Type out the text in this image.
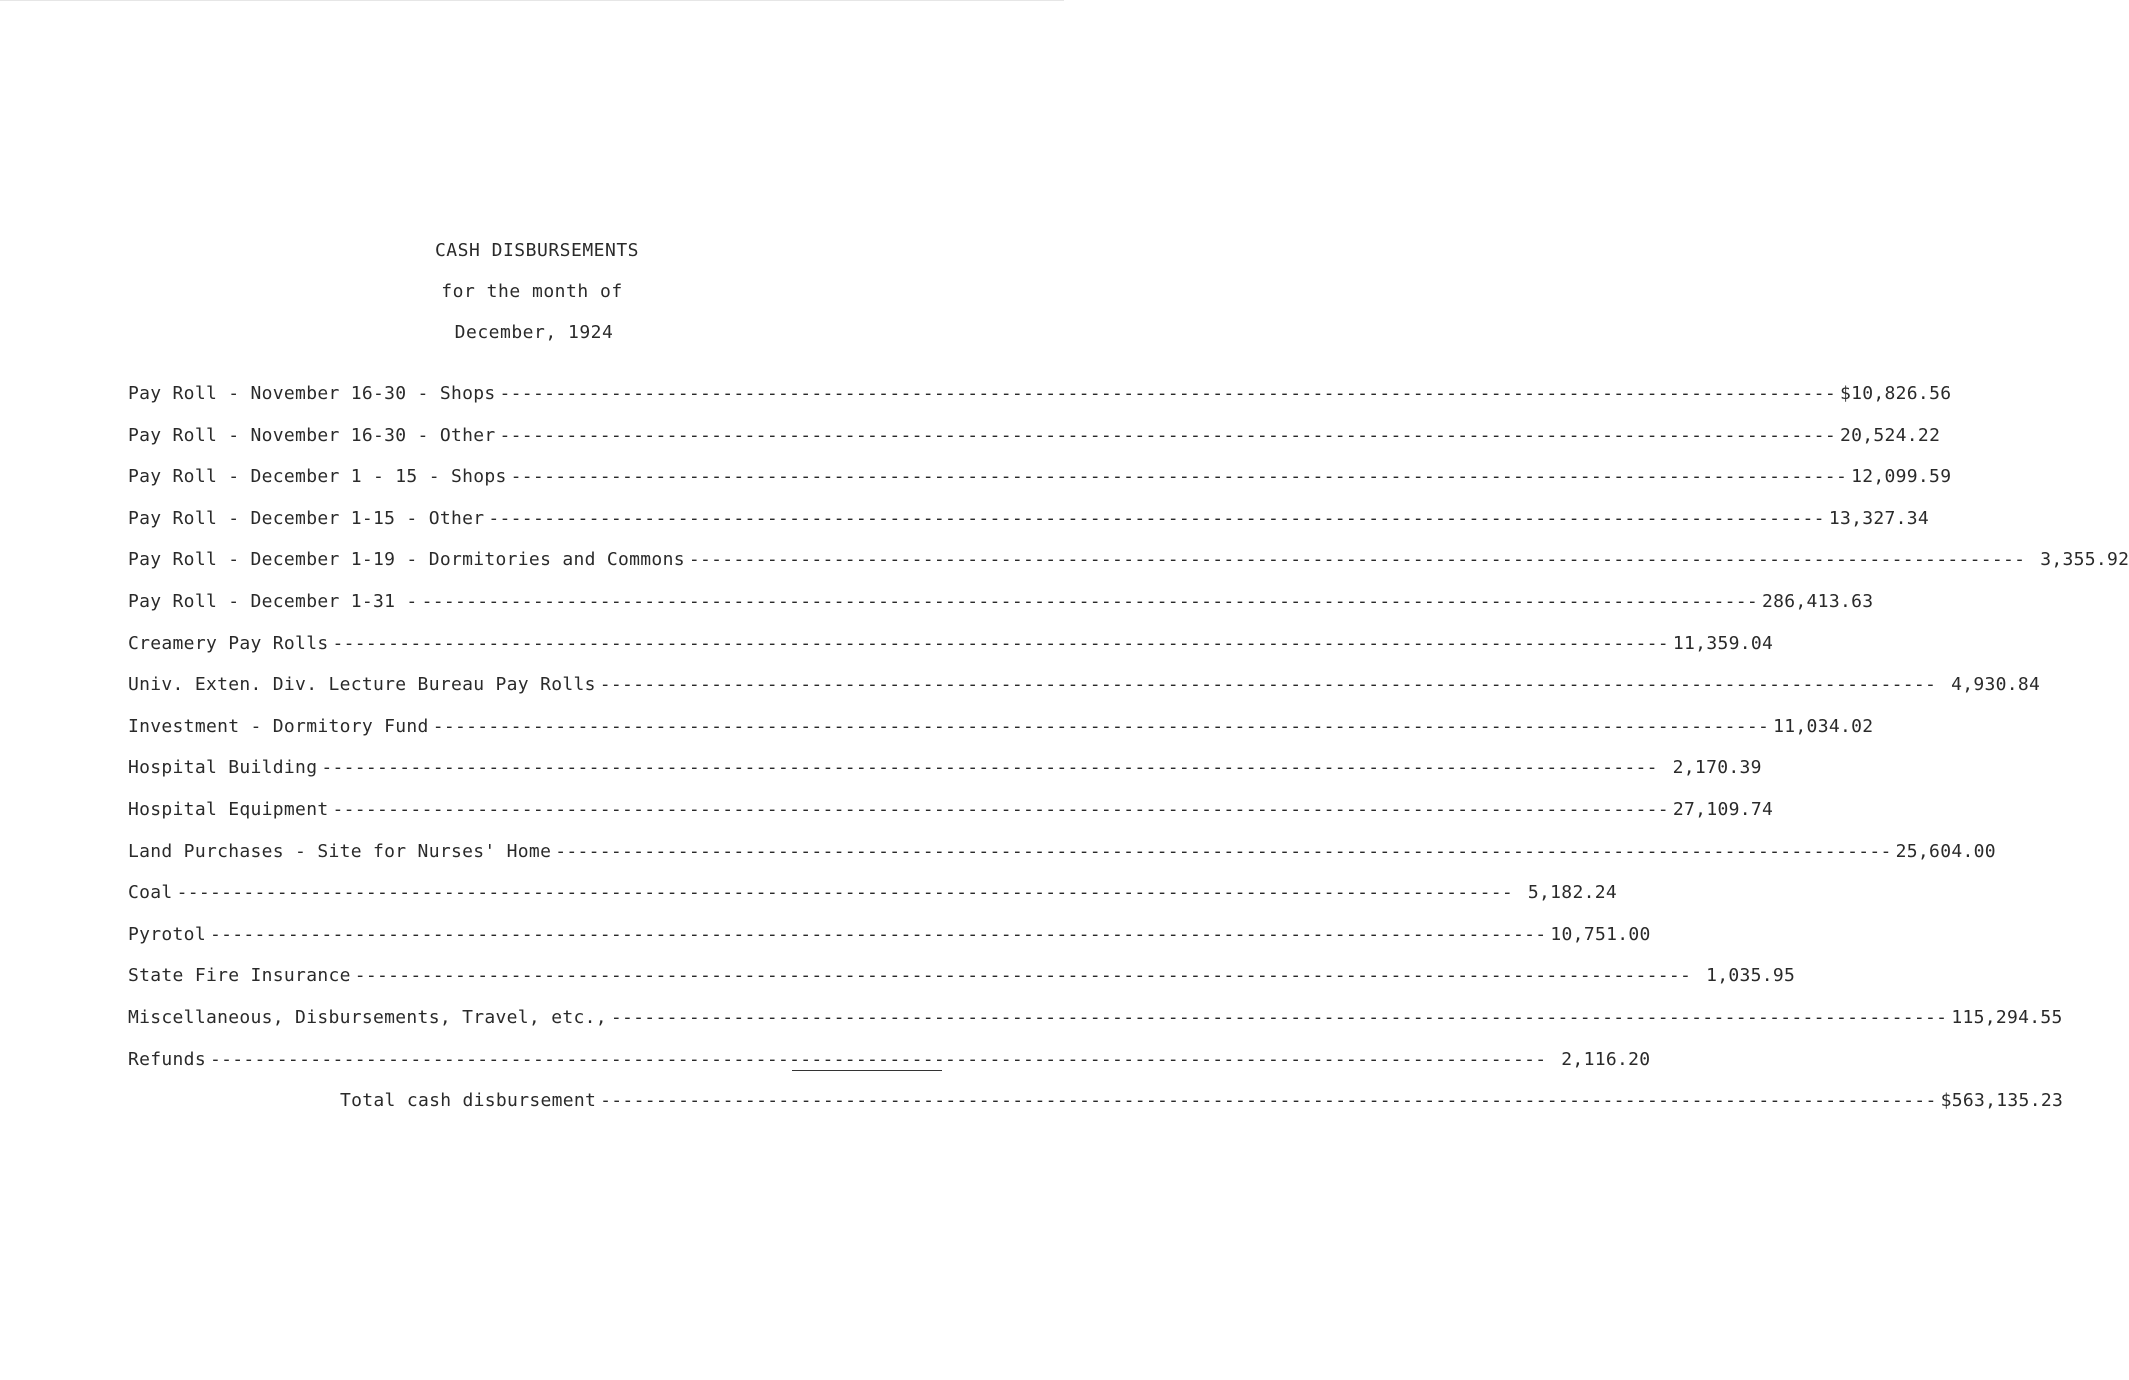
CASH DISBURSEMENTS
for the month of
December, 1924
Pay Roll - November 16-30 - Shops ------------------------------------------------------------------------------------------------------------------------ $10,826.56
Pay Roll - November 16-30 - Other ------------------------------------------------------------------------------------------------------------------------ 20,524.22
Pay Roll - December 1 - 15 - Shops ------------------------------------------------------------------------------------------------------------------------ 12,099.59
Pay Roll - December 1-15 - Other ------------------------------------------------------------------------------------------------------------------------ 13,327.34
Pay Roll - December 1-19 - Dormitories and Commons ------------------------------------------------------------------------------------------------------------------------ 3,355.92
Pay Roll - December 1-31 - ------------------------------------------------------------------------------------------------------------------------ 286,413.63
Creamery Pay Rolls ------------------------------------------------------------------------------------------------------------------------ 11,359.04
Univ. Exten. Div. Lecture Bureau Pay Rolls ------------------------------------------------------------------------------------------------------------------------ 4,930.84
Investment - Dormitory Fund ------------------------------------------------------------------------------------------------------------------------ 11,034.02
Hospital Building ------------------------------------------------------------------------------------------------------------------------ 2,170.39
Hospital Equipment ------------------------------------------------------------------------------------------------------------------------ 27,109.74
Land Purchases - Site for Nurses' Home ------------------------------------------------------------------------------------------------------------------------ 25,604.00
Coal ------------------------------------------------------------------------------------------------------------------------ 5,182.24
Pyrotol ------------------------------------------------------------------------------------------------------------------------ 10,751.00
State Fire Insurance ------------------------------------------------------------------------------------------------------------------------ 1,035.95
Miscellaneous, Disbursements, Travel, etc., ------------------------------------------------------------------------------------------------------------------------ 115,294.55
Refunds ------------------------------------------------------------------------------------------------------------------------ 2,116.20
Total cash disbursement ------------------------------------------------------------------------------------------------------------------------ $563,135.23
